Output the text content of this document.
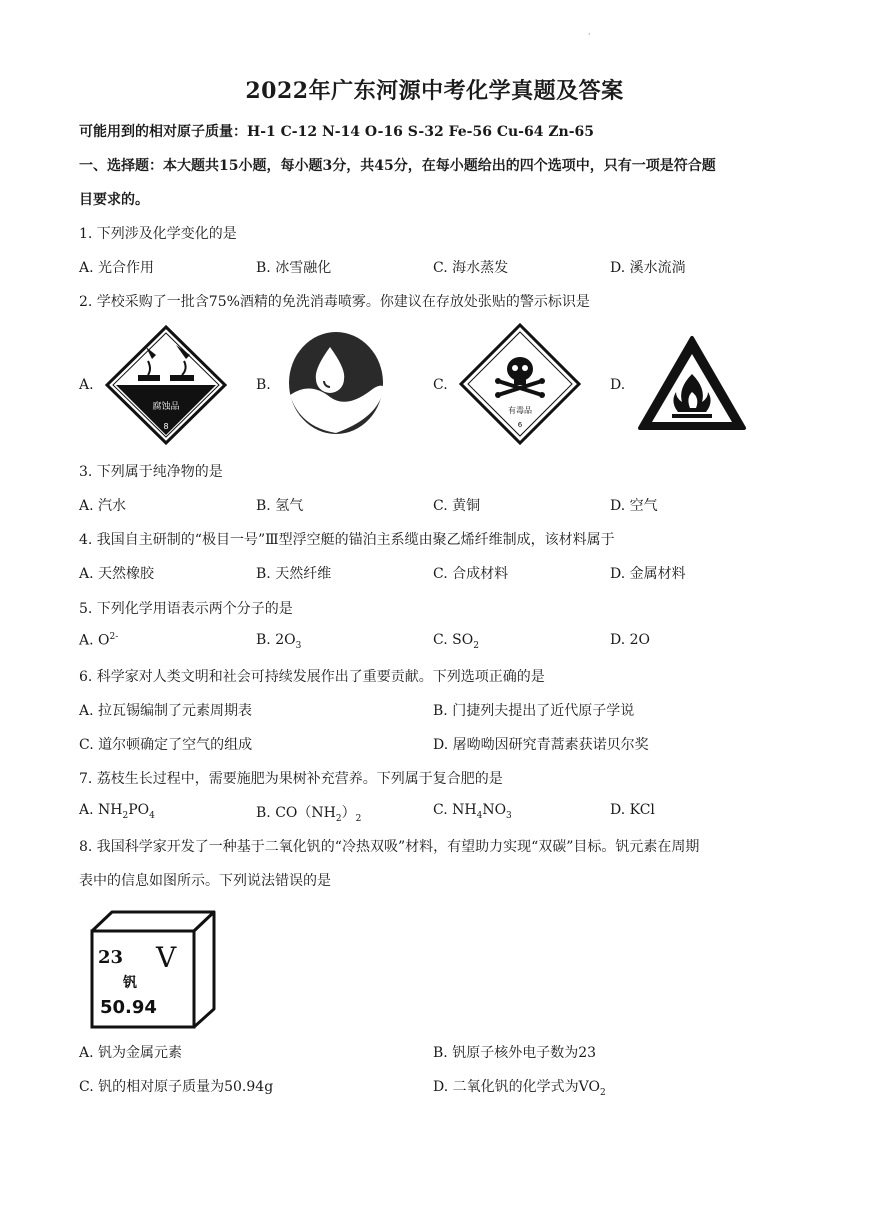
·
2022年广东河源中考化学真题及答案
可能用到的相对原子质量：H-1 C-12 N-14 O-16 S-32 Fe-56 Cu-64 Zn-65
一、选择题：本大题共15小题，每小题3分，共45分，在每小题给出的四个选项中，只有一项是符合题
目要求的。
1. 下列涉及化学变化的是
A. 光合作用	B. 冰雪融化	C. 海水蒸发	D. 溪水流淌
2. 学校采购了一批含75%酒精的免洗消毒喷雾。你建议在存放处张贴的警示标识是
A.	B.	C.	D.
腐蚀品
8
有毒品
6
3. 下列属于纯净物的是
A. 汽水	B. 氢气	C. 黄铜	D. 空气
4. 我国自主研制的“极目一号”Ⅲ型浮空艇的锚泊主系缆由聚乙烯纤维制成，该材料属于
A. 天然橡胶	B. 天然纤维	C. 合成材料	D. 金属材料
5. 下列化学用语表示两个分子的是
A. $O^{2-}$	B. $2O_3$	C. $SO_2$	D. 2O
6. 科学家对人类文明和社会可持续发展作出了重要贡献。下列选项正确的是
A. 拉瓦锡编制了元素周期表	B. 门捷列夫提出了近代原子学说
C. 道尔顿确定了空气的组成	D. 屠呦呦因研究青蒿素获诺贝尔奖
7. 荔枝生长过程中，需要施肥为果树补充营养。下列属于复合肥的是
A. $NH_2PO_4$	B. $CO(NH_2)_2$
C. $NH_4NO_3$	D. KCl
8. 我国科学家开发了一种基于二氧化钒的“冷热双吸”材料，有望助力实现“双碳”目标。钒元素在周期
表中的信息如图所示。下列说法错误的是
23 V
钒
50.94
A. 钒为金属元素	B. 钒原子核外电子数为23
C. 钒的相对原子质量为50.94g	D. 二氧化钒的化学式为$VO_2$
